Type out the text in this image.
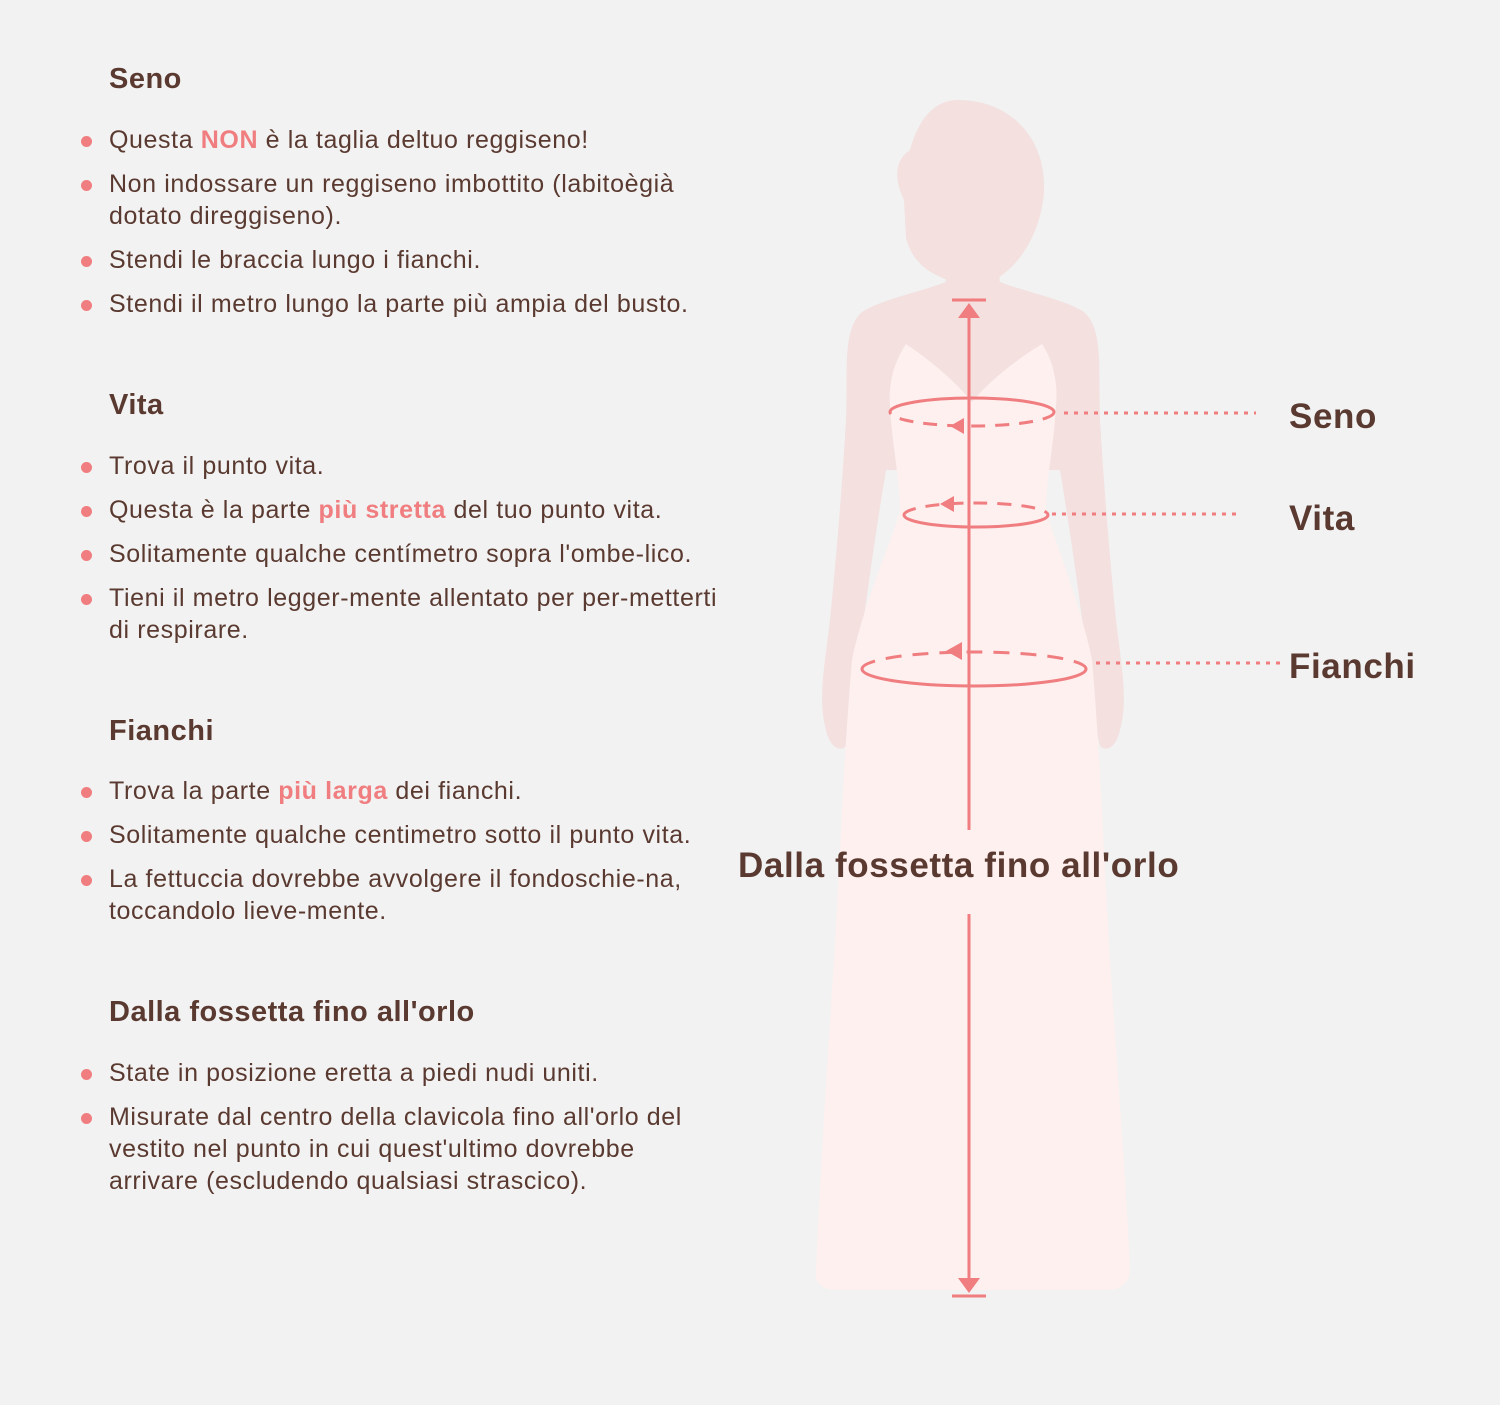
Seno
Questa NON è la taglia deltuo reggiseno!
Non indossare un reggiseno imbottito (labitoègià dotato direggiseno).
Stendi le braccia lungo i fianchi.
Stendi il metro lungo la parte più ampia del busto.
Vita
Trova il punto vita.
Questa è la parte più stretta del tuo punto vita.
Solitamente qualche centímetro sopra l'ombe-lico.
Tieni il metro legger-mente allentato per per-metterti di respirare.
Fianchi
Trova la parte più larga dei fianchi.
Solitamente qualche centimetro sotto il punto vita.
La fettuccia dovrebbe avvolgere il fondoschie-na, toccandolo lieve-mente.
Dalla fossetta fino all'orlo
State in posizione eretta a piedi nudi uniti.
Misurate dal centro della clavicola fino all'orlo del vestito nel punto in cui quest'ultimo dovrebbe arrivare (escludendo qualsiasi strascico).
Seno
Vita
Fianchi
Dalla fossetta fino all'orlo
